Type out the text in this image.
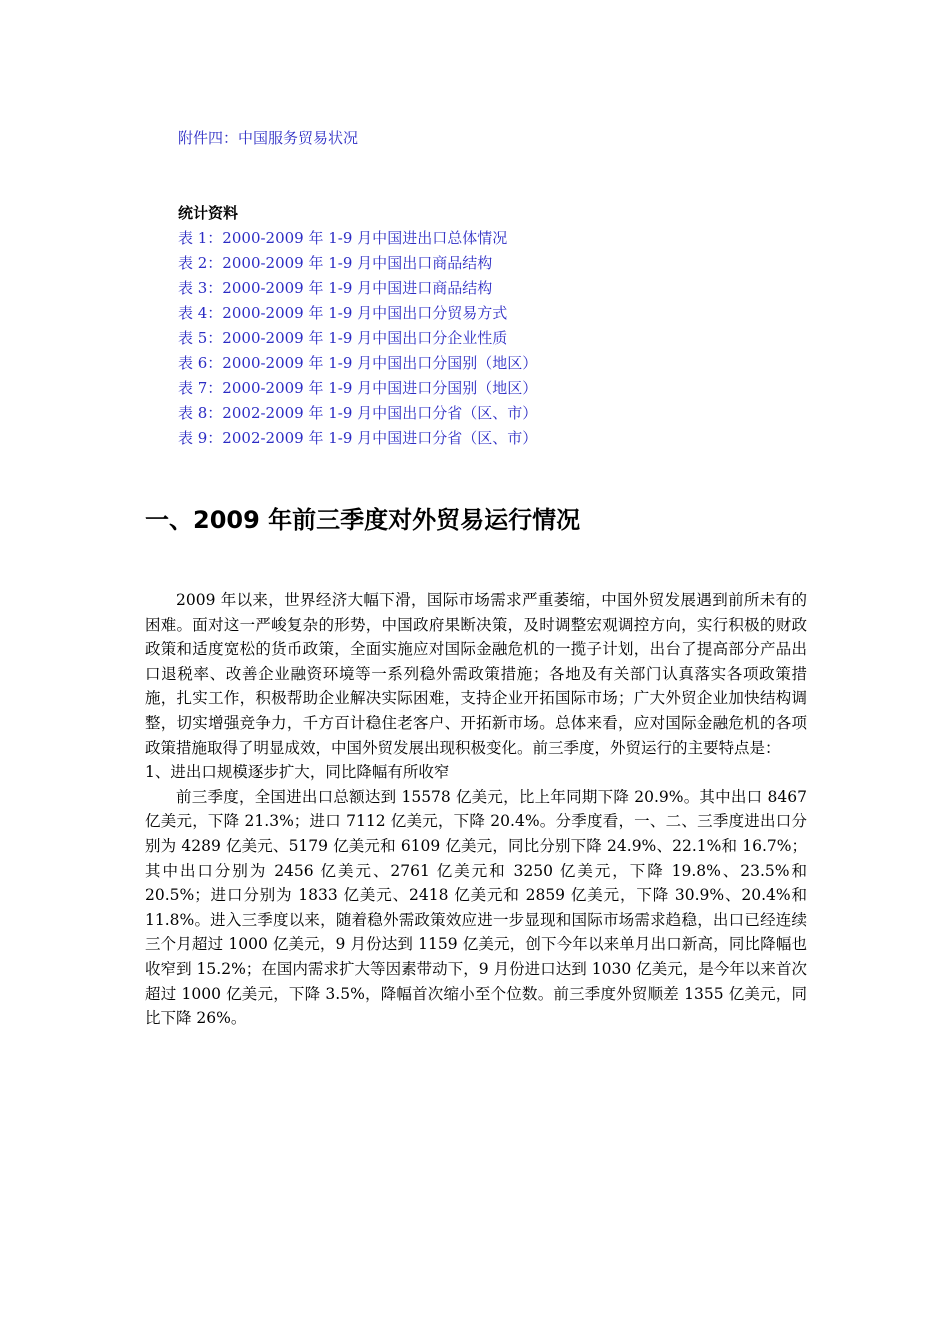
附件四：中国服务贸易状况
统计资料
表 1：2000-2009 年 1-9 月中国进出口总体情况
表 2：2000-2009 年 1-9 月中国出口商品结构
表 3：2000-2009 年 1-9 月中国进口商品结构
表 4：2000-2009 年 1-9 月中国出口分贸易方式
表 5：2000-2009 年 1-9 月中国出口分企业性质
表 6：2000-2009 年 1-9 月中国出口分国别（地区）
表 7：2000-2009 年 1-9 月中国进口分国别（地区）
表 8：2002-2009 年 1-9 月中国出口分省（区、市）
表 9：2002-2009 年 1-9 月中国进口分省（区、市）
一、2009 年前三季度对外贸易运行情况

2009 年以来，世界经济大幅下滑，国际市场需求严重萎缩，中国外贸发展遇到前所未有的困难。面对这一严峻复杂的形势，中国政府果断决策，及时调整宏观调控方向，实行积极的财政政策和适度宽松的货币政策，全面实施应对国际金融危机的一揽子计划，出台了提高部分产品出口退税率、改善企业融资环境等一系列稳外需政策措施；各地及有关部门认真落实各项政策措施，扎实工作，积极帮助企业解决实际困难，支持企业开拓国际市场；广大外贸企业加快结构调整，切实增强竞争力，千方百计稳住老客户、开拓新市场。总体来看，应对国际金融危机的各项政策措施取得了明显成效，中国外贸发展出现积极变化。前三季度，外贸运行的主要特点是：

1、进出口规模逐步扩大，同比降幅有所收窄

前三季度，全国进出口总额达到 15578 亿美元，比上年同期下降 20.9%。其中出口 8467 亿美元，下降 21.3%；进口 7112 亿美元，下降 20.4%。分季度看，一、二、三季度进出口分别为 4289 亿美元、5179 亿美元和 6109 亿美元，同比分别下降 24.9%、22.1%和 16.7%；其中出口分别为 2456 亿美元、2761 亿美元和 3250 亿美元，下降 19.8%、23.5%和 20.5%；进口分别为 1833 亿美元、2418 亿美元和 2859 亿美元，下降 30.9%、20.4%和 11.8%。进入三季度以来，随着稳外需政策效应进一步显现和国际市场需求趋稳，出口已经连续三个月超过 1000 亿美元，9 月份达到 1159 亿美元，创下今年以来单月出口新高，同比降幅也收窄到 15.2%；在国内需求扩大等因素带动下，9 月份进口达到 1030 亿美元，是今年以来首次超过 1000 亿美元，下降 3.5%，降幅首次缩小至个位数。前三季度外贸顺差 1355 亿美元，同比下降 26%。
